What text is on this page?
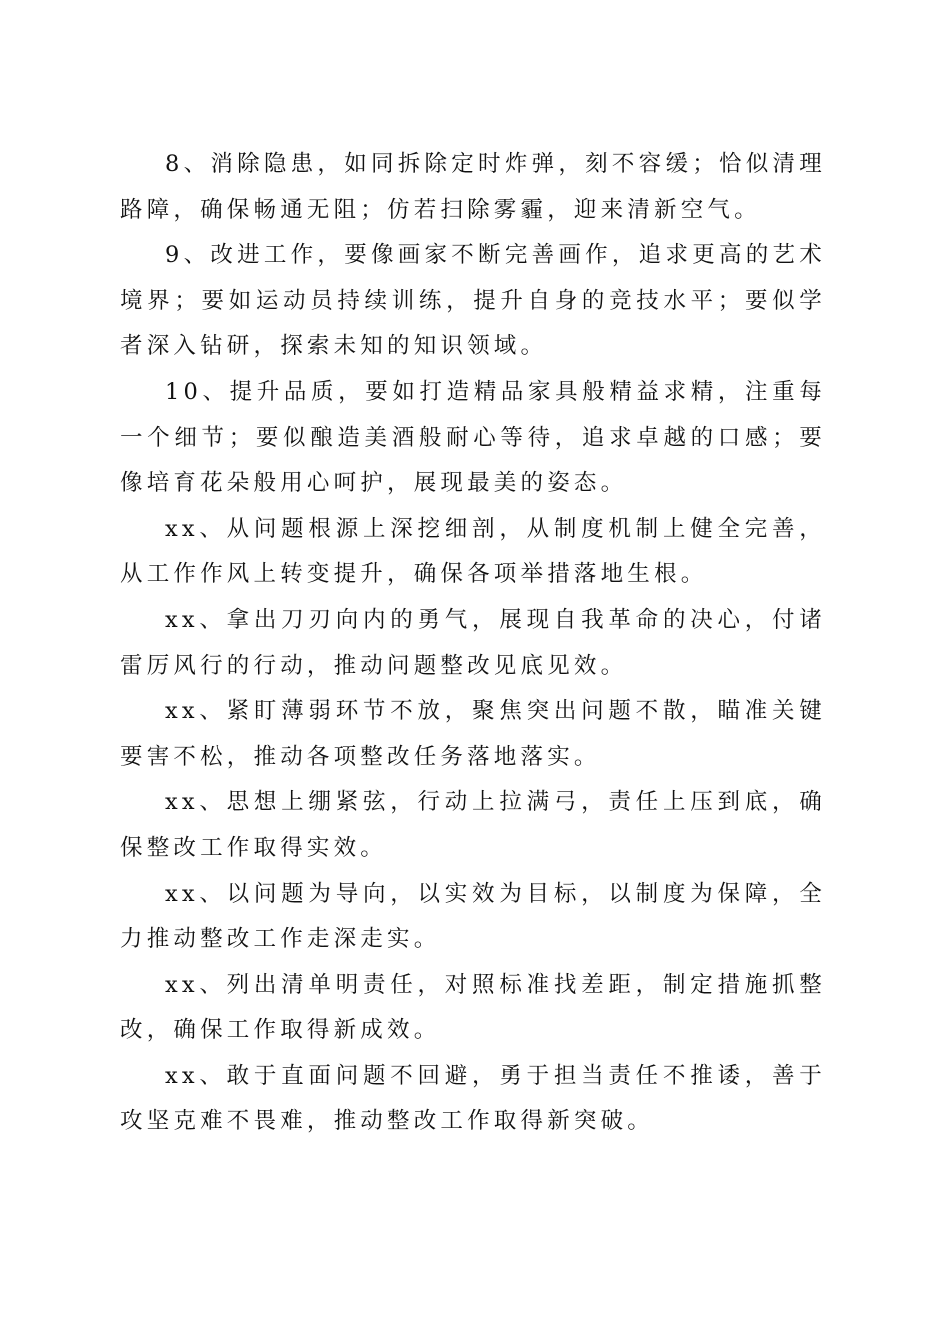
8、消除隐患，如同拆除定时炸弹，刻不容缓；恰似清理路障，确保畅通无阻；仿若扫除雾霾，迎来清新空气。

9、改进工作，要像画家不断完善画作，追求更高的艺术境界；要如运动员持续训练，提升自身的竞技水平；要似学者深入钻研，探索未知的知识领域。

10、提升品质，要如打造精品家具般精益求精，注重每一个细节；要似酿造美酒般耐心等待，追求卓越的口感；要像培育花朵般用心呵护，展现最美的姿态。

xx、从问题根源上深挖细剖，从制度机制上健全完善，从工作作风上转变提升，确保各项举措落地生根。

xx、拿出刀刃向内的勇气，展现自我革命的决心，付诸雷厉风行的行动，推动问题整改见底见效。

xx、紧盯薄弱环节不放，聚焦突出问题不散，瞄准关键要害不松，推动各项整改任务落地落实。

xx、思想上绷紧弦，行动上拉满弓，责任上压到底，确保整改工作取得实效。

xx、以问题为导向，以实效为目标，以制度为保障，全力推动整改工作走深走实。

xx、列出清单明责任，对照标准找差距，制定措施抓整改，确保工作取得新成效。

xx、敢于直面问题不回避，勇于担当责任不推诿，善于攻坚克难不畏难，推动整改工作取得新突破。
